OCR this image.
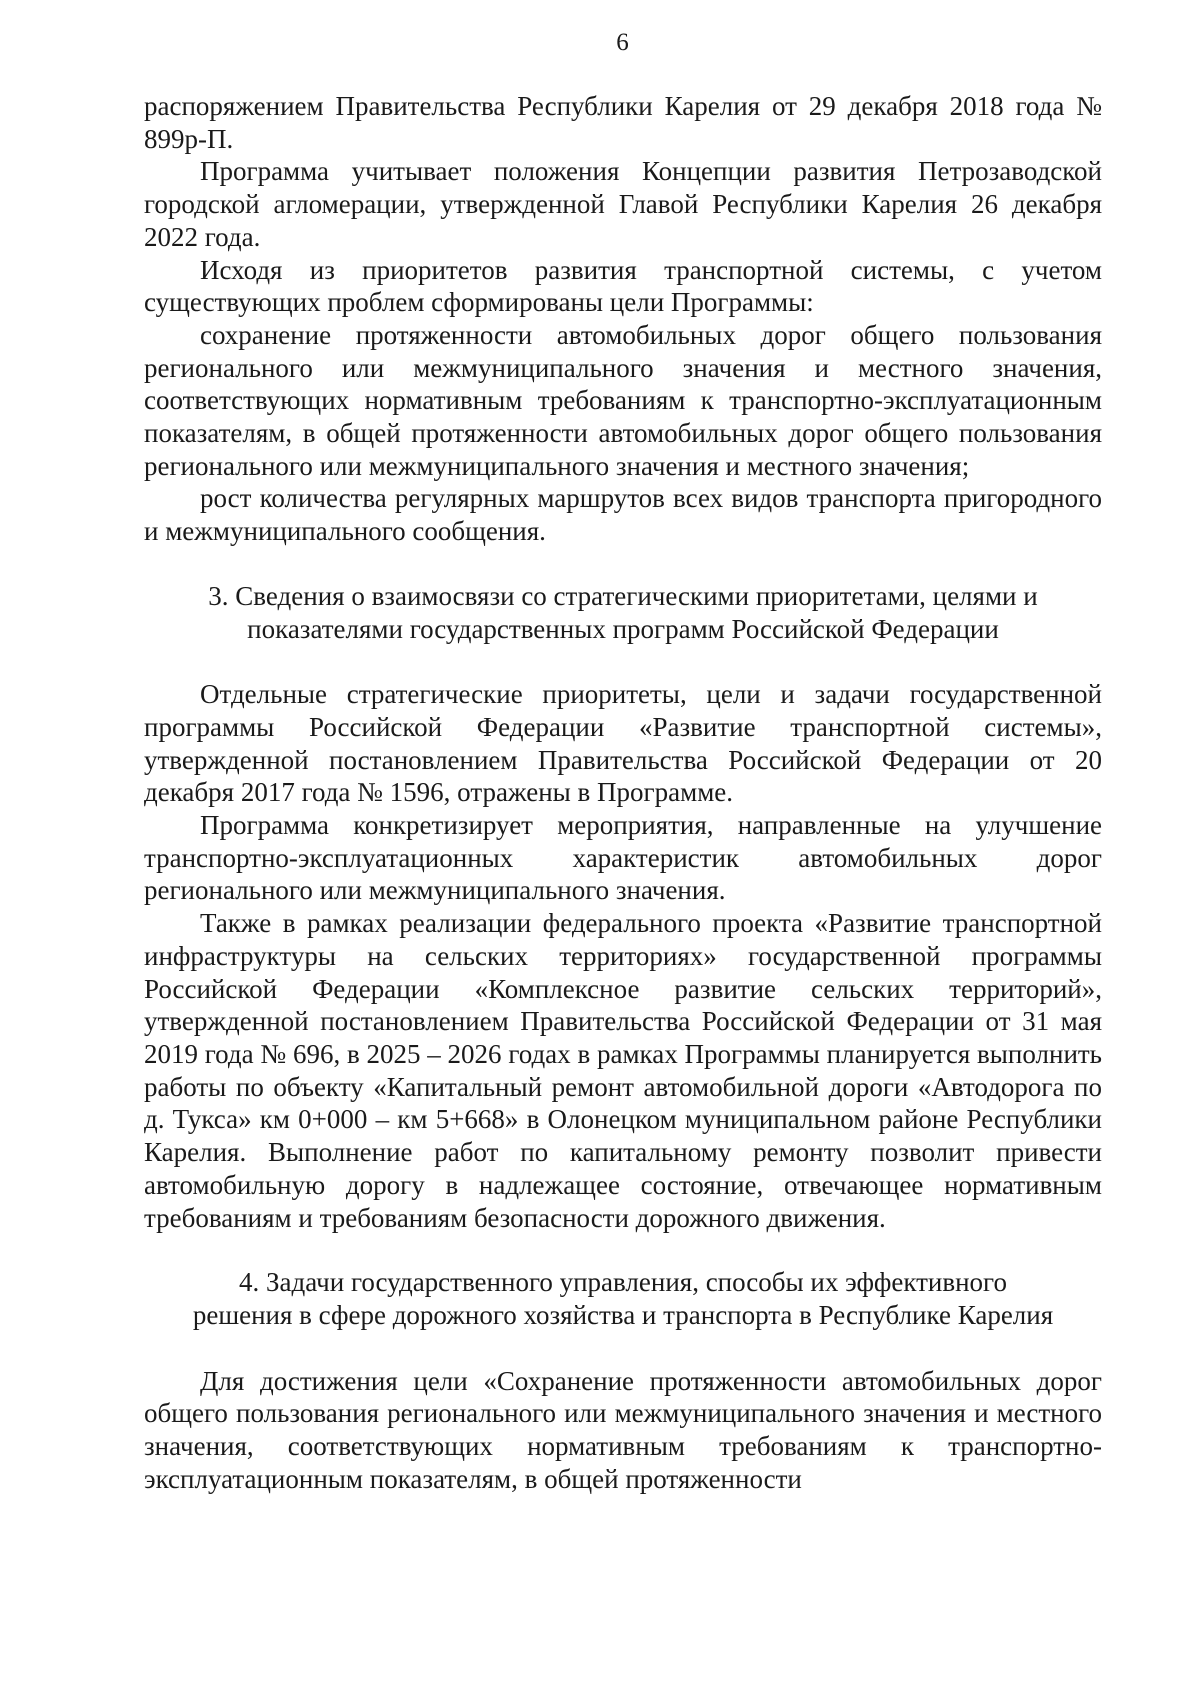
6

распоряжением Правительства Республики Карелия от 29 декабря 2018 года № 899р-П.

Программа учитывает положения Концепции развития Петрозаводской городской агломерации, утвержденной Главой Республики Карелия 26 декабря 2022 года.

Исходя из приоритетов развития транспортной системы, с учетом существующих проблем сформированы цели Программы:

сохранение протяженности автомобильных дорог общего пользования регионального или межмуниципального значения и местного значения, соответствующих нормативным требованиям к транспортно-эксплуатационным показателям, в общей протяженности автомобильных дорог общего пользования регионального или межмуниципального значения и местного значения;

рост количества регулярных маршрутов всех видов транспорта пригородного и межмуниципального сообщения.

3. Сведения о взаимосвязи со стратегическими приоритетами, целями и
показателями государственных программ Российской Федерации

Отдельные стратегические приоритеты, цели и задачи государственной программы Российской Федерации «Развитие транспортной системы», утвержденной постановлением Правительства Российской Федерации от 20 декабря 2017 года № 1596, отражены в Программе.

Программа конкретизирует мероприятия, направленные на улучшение транспортно-эксплуатационных характеристик автомобильных дорог регионального или межмуниципального значения.

Также в рамках реализации федерального проекта «Развитие транспортной инфраструктуры на сельских территориях» государственной программы Российской Федерации «Комплексное развитие сельских территорий», утвержденной постановлением Правительства Российской Федерации от 31 мая 2019 года № 696, в 2025 – 2026 годах в рамках Программы планируется выполнить работы по объекту «Капитальный ремонт автомобильной дороги «Автодорога по д. Тукса» км 0+000 – км 5+668» в Олонецком муниципальном районе Республики Карелия. Выполнение работ по капитальному ремонту позволит привести автомобильную дорогу в надлежащее состояние, отвечающее нормативным требованиям и требованиям безопасности дорожного движения.

4. Задачи государственного управления, способы их эффективного
решения в сфере дорожного хозяйства и транспорта в Республике Карелия

Для достижения цели «Сохранение протяженности автомобильных дорог общего пользования регионального или межмуниципального значения и местного значения, соответствующих нормативным требованиям к транспортно-эксплуатационным показателям, в общей протяженности
